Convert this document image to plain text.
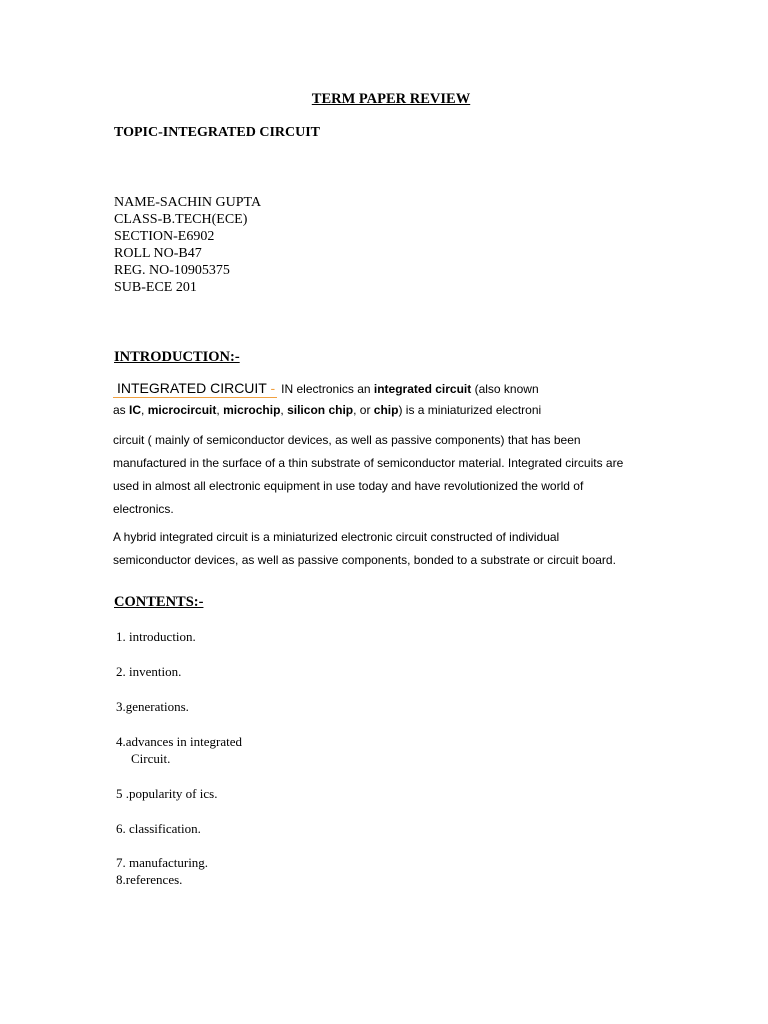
TERM PAPER REVIEW
TOPIC-INTEGRATED CIRCUIT
NAME-SACHIN GUPTA
CLASS-B.TECH(ECE)
SECTION-E6902
ROLL NO-B47
REG. NO-10905375
SUB-ECE 201
INTRODUCTION:-
INTEGRATED CIRCUIT - IN electronics an integrated circuit (also known
as IC, microcircuit, microchip, silicon chip, or chip) is a miniaturized electroni
circuit ( mainly of semiconductor devices, as well as passive components) that has been
manufactured in the surface of a thin substrate of semiconductor material. Integrated circuits are
used in almost all electronic equipment in use today and have revolutionized the world of
electronics.
A hybrid integrated circuit is a miniaturized electronic circuit constructed of individual
semiconductor devices, as well as passive components, bonded to a substrate or circuit board.
CONTENTS:-
1. introduction.
2. invention.
3.generations.
4.advances in integrated
Circuit.
5 .popularity of ics.
6. classification.
7. manufacturing.
8.references.
